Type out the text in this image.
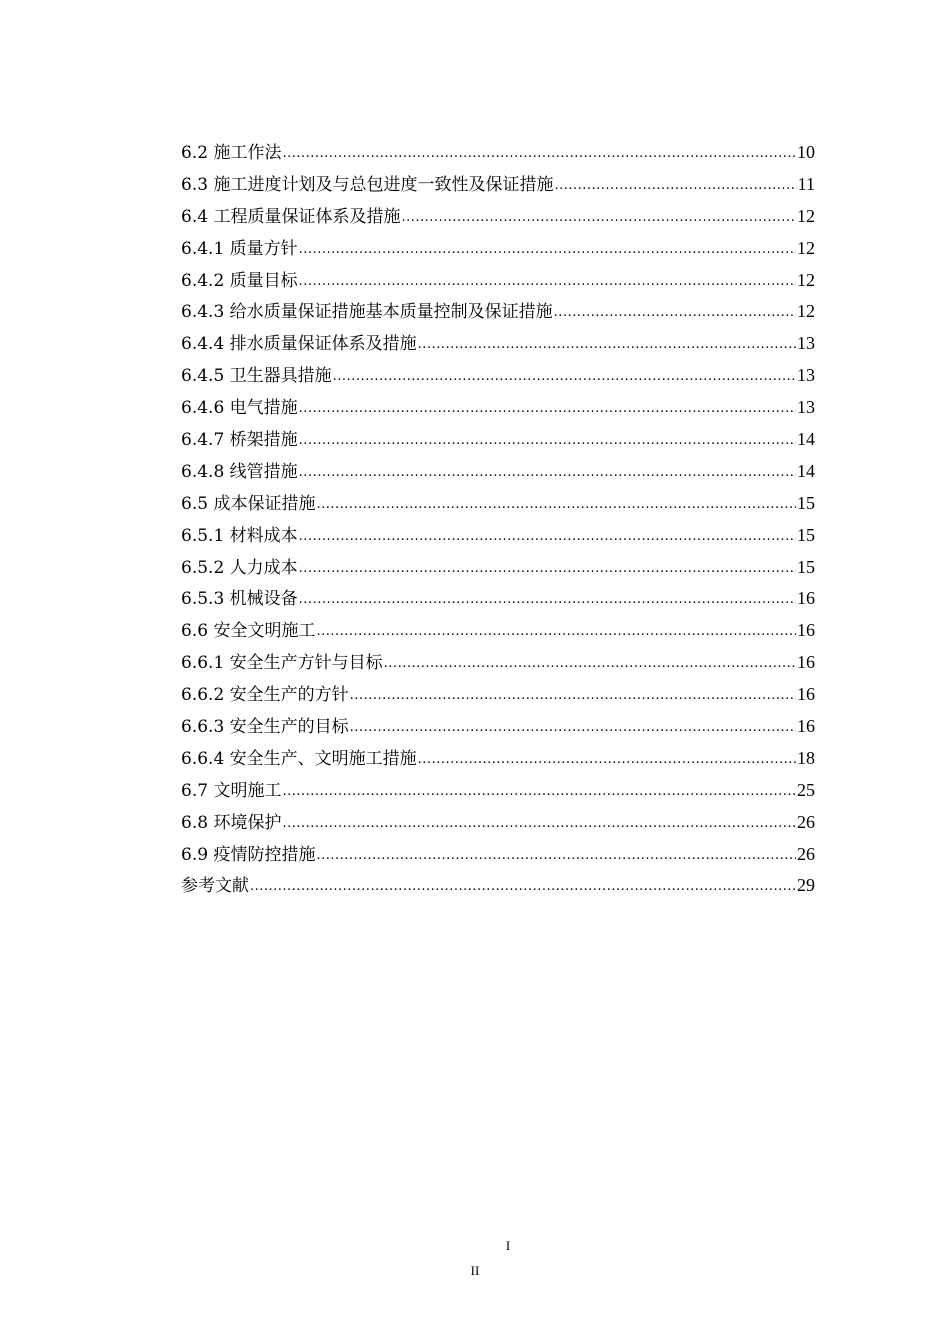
6.2 施工作法 .....	10
6.3 施工进度计划及与总包进度一致性及保证措施 .....	11
6.4 工程质量保证体系及措施 .....	12
6.4.1 质量方针 .....	12
6.4.2 质量目标 .....	12
6.4.3 给水质量保证措施基本质量控制及保证措施 .....	12
6.4.4 排水质量保证体系及措施 .....	13
6.4.5 卫生器具措施 .....	13
6.4.6 电气措施 .....	13
6.4.7 桥架措施 .....	14
6.4.8 线管措施 .....	14
6.5 成本保证措施 .....	15
6.5.1 材料成本 .....	15
6.5.2 人力成本 .....	15
6.5.3 机械设备 .....	16
6.6 安全文明施工 .....	16
6.6.1 安全生产方针与目标 .....	16
6.6.2 安全生产的方针 .....	16
6.6.3 安全生产的目标 .....	16
6.6.4 安全生产、文明施工措施 .....	18
6.7 文明施工 .....	25
6.8 环境保护 .....	26
6.9 疫情防控措施 .....	26
参考文献 .....	29
I
II
